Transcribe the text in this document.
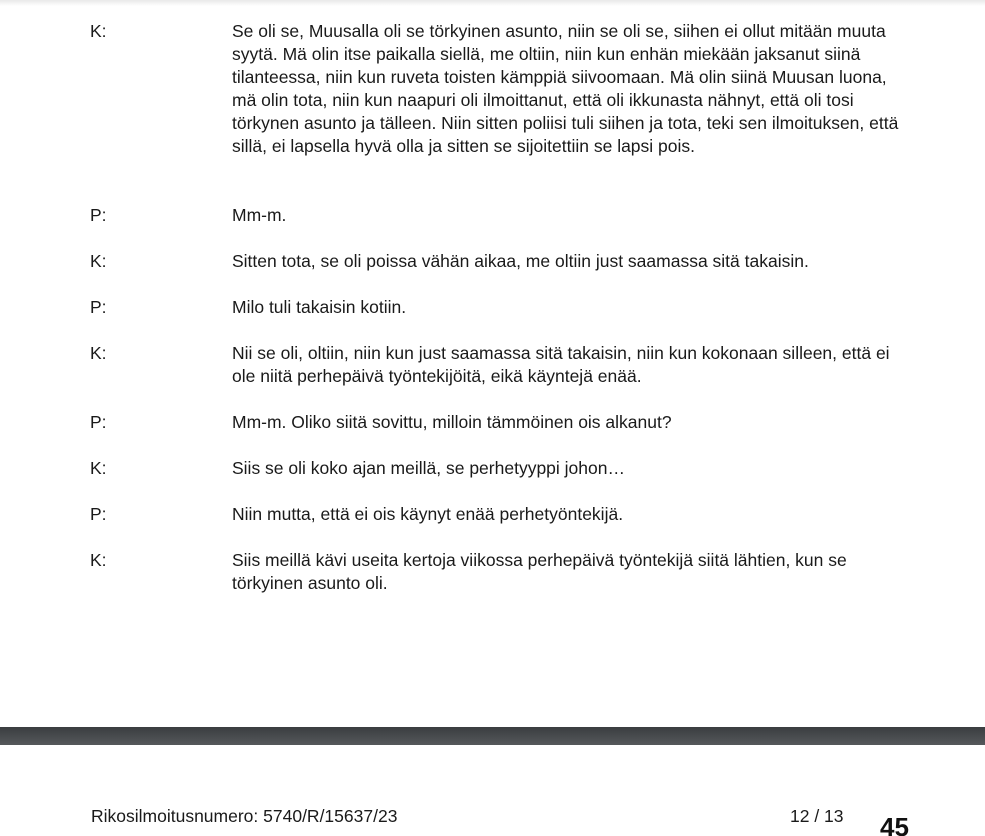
K:	Se oli se, Muusalla oli se törkyinen asunto, niin se oli se, siihen ei ollut mitään muuta syytä. Mä olin itse paikalla siellä, me oltiin, niin kun enhän miekään jaksanut siinä tilanteessa, niin kun ruveta toisten kämppiä siivoomaan. Mä olin siinä Muusan luona, mä olin tota, niin kun naapuri oli ilmoittanut, että oli ikkunasta nähnyt, että oli tosi törkynen asunto ja tälleen. Niin sitten poliisi tuli siihen ja tota, teki sen ilmoituksen, että sillä, ei lapsella hyvä olla ja sitten se sijoitettiin se lapsi pois.

P:	Mm-m.

K:	Sitten tota, se oli poissa vähän aikaa, me oltiin just saamassa sitä takaisin.

P:	Milo tuli takaisin kotiin.

K:	Nii se oli, oltiin, niin kun just saamassa sitä takaisin, niin kun kokonaan silleen, että ei ole niitä perhepäivä työntekijöitä, eikä käyntejä enää.

P:	Mm-m. Oliko siitä sovittu, milloin tämmöinen ois alkanut?

K:	Siis se oli koko ajan meillä, se perhetyyppi johon…

P:	Niin mutta, että ei ois käynyt enää perhetyöntekijä.

K:	Siis meillä kävi useita kertoja viikossa perhepäivä työntekijä siitä lähtien, kun se törkyinen asunto oli.

Rikosilmoitusnumero: 5740/R/15637/23	12 / 13 45
